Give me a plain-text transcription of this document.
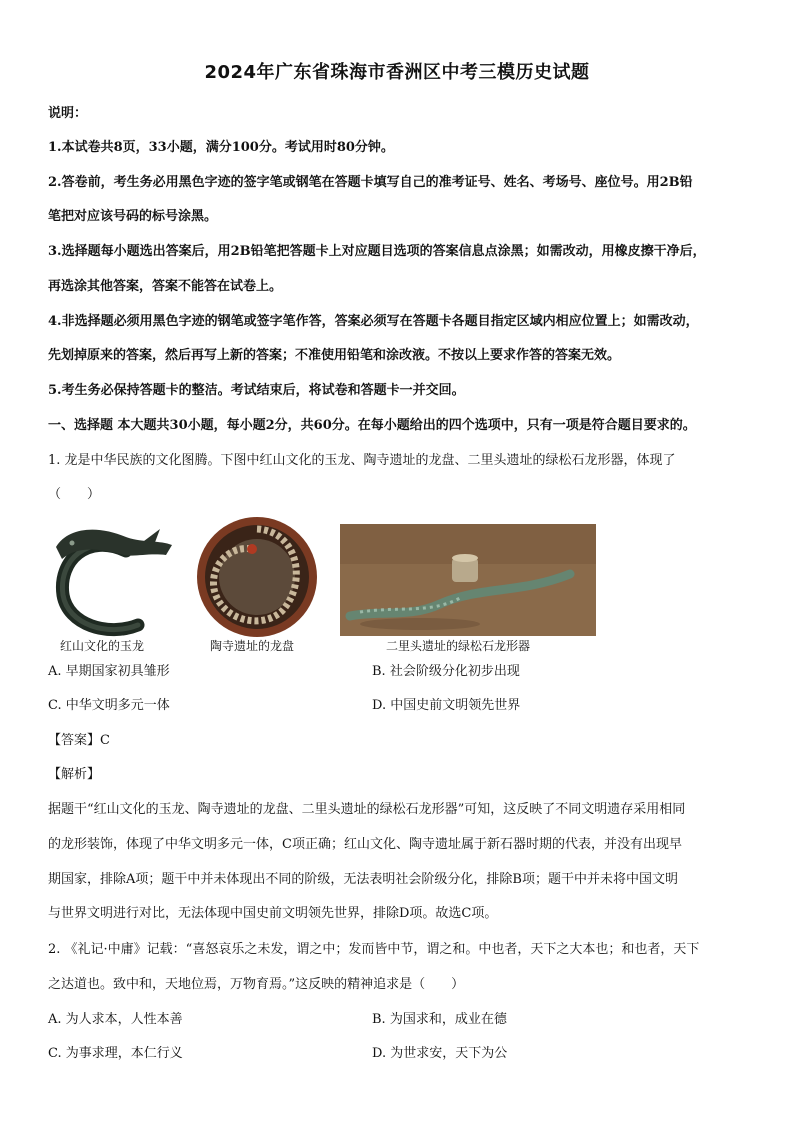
2024年广东省珠海市香洲区中考三模历史试题
说明：
1.本试卷共8页，33小题，满分100分。考试用时80分钟。
2.答卷前，考生务必用黑色字迹的签字笔或钢笔在答题卡填写自己的准考证号、姓名、考场号、座位号。用2B铅
笔把对应该号码的标号涂黑。
3.选择题每小题选出答案后，用2B铅笔把答题卡上对应题目选项的答案信息点涂黑；如需改动，用橡皮擦干净后，
再选涂其他答案，答案不能答在试卷上。
4.非选择题必须用黑色字迹的钢笔或签字笔作答，答案必须写在答题卡各题目指定区域内相应位置上；如需改动，
先划掉原来的答案，然后再写上新的答案；不准使用铅笔和涂改液。不按以上要求作答的答案无效。
5.考生务必保持答题卡的整洁。考试结束后，将试卷和答题卡一并交回。
一、选择题 本大题共30小题，每小题2分，共60分。在每小题给出的四个选项中，只有一项是符合题目要求的。
1. 龙是中华民族的文化图腾。下图中红山文化的玉龙、陶寺遗址的龙盘、二里头遗址的绿松石龙形器，体现了
（　　）
红山文化的玉龙	陶寺遗址的龙盘	二里头遗址的绿松石龙形器
A. 早期国家初具雏形	B. 社会阶级分化初步出现
C. 中华文明多元一体	D. 中国史前文明领先世界
【答案】C
【解析】
据题干“红山文化的玉龙、陶寺遗址的龙盘、二里头遗址的绿松石龙形器”可知，这反映了不同文明遗存采用相同
的龙形装饰，体现了中华文明多元一体，C项正确；红山文化、陶寺遗址属于新石器时期的代表，并没有出现早
期国家，排除A项；题干中并未体现出不同的阶级，无法表明社会阶级分化，排除B项；题干中并未将中国文明
与世界文明进行对比，无法体现中国史前文明领先世界，排除D项。故选C项。
2. 《礼记·中庸》记载：“喜怒哀乐之未发，谓之中；发而皆中节，谓之和。中也者，天下之大本也；和也者，天下
之达道也。致中和，天地位焉，万物育焉。”这反映的精神追求是（　　）
A. 为人求本，人性本善	B. 为国求和，成业在德
C. 为事求理，本仁行义	D. 为世求安，天下为公
